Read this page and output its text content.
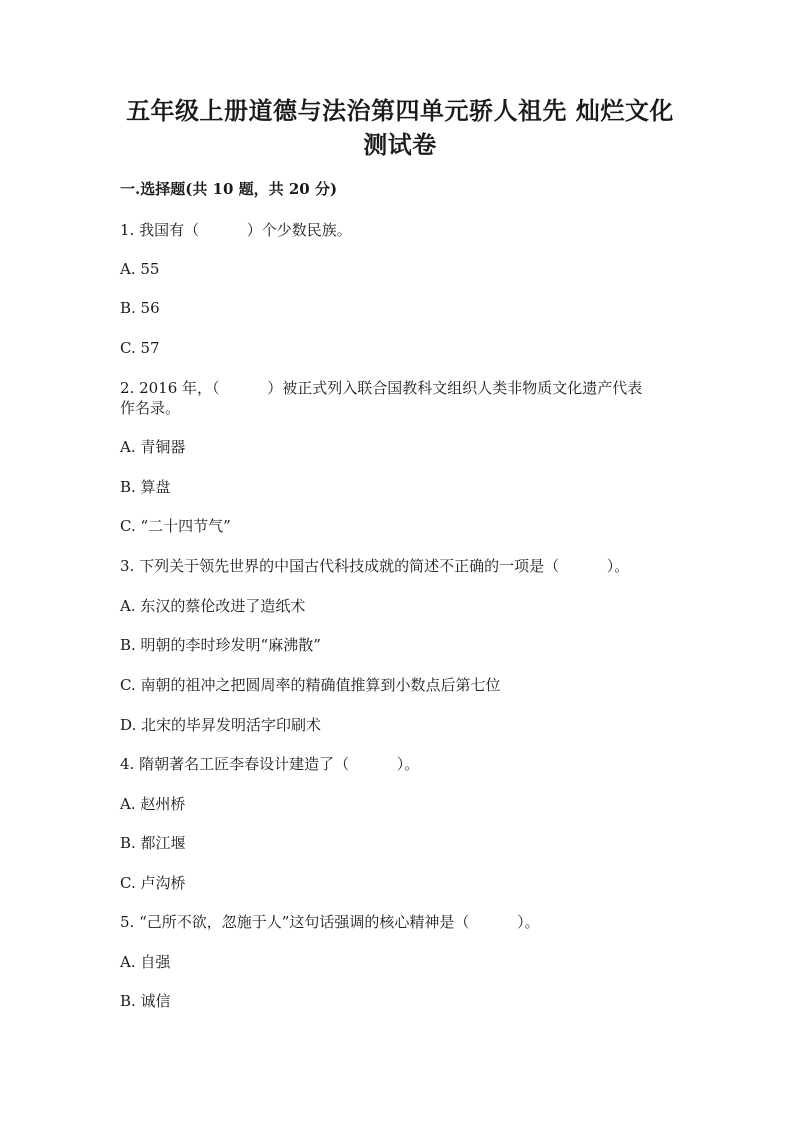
五年级上册道德与法治第四单元骄人祖先 灿烂文化
测试卷
一.选择题(共 10 题，共 20 分)
1. 我国有（          ）个少数民族。
A. 55
B. 56
C. 57
2. 2016 年，（          ）被正式列入联合国教科文组织人类非物质文化遗产代表
作名录。
A. 青铜器
B. 算盘
C. “二十四节气”
3. 下列关于领先世界的中国古代科技成就的简述不正确的一项是（          ）。
A. 东汉的蔡伦改进了造纸术
B. 明朝的李时珍发明“麻沸散”
C. 南朝的祖冲之把圆周率的精确值推算到小数点后第七位
D. 北宋的毕昇发明活字印刷术
4. 隋朝著名工匠李春设计建造了（          ）。
A. 赵州桥
B. 都江堰
C. 卢沟桥
5. “己所不欲，忽施于人”这句话强调的核心精神是（          ）。
A. 自强
B. 诚信
